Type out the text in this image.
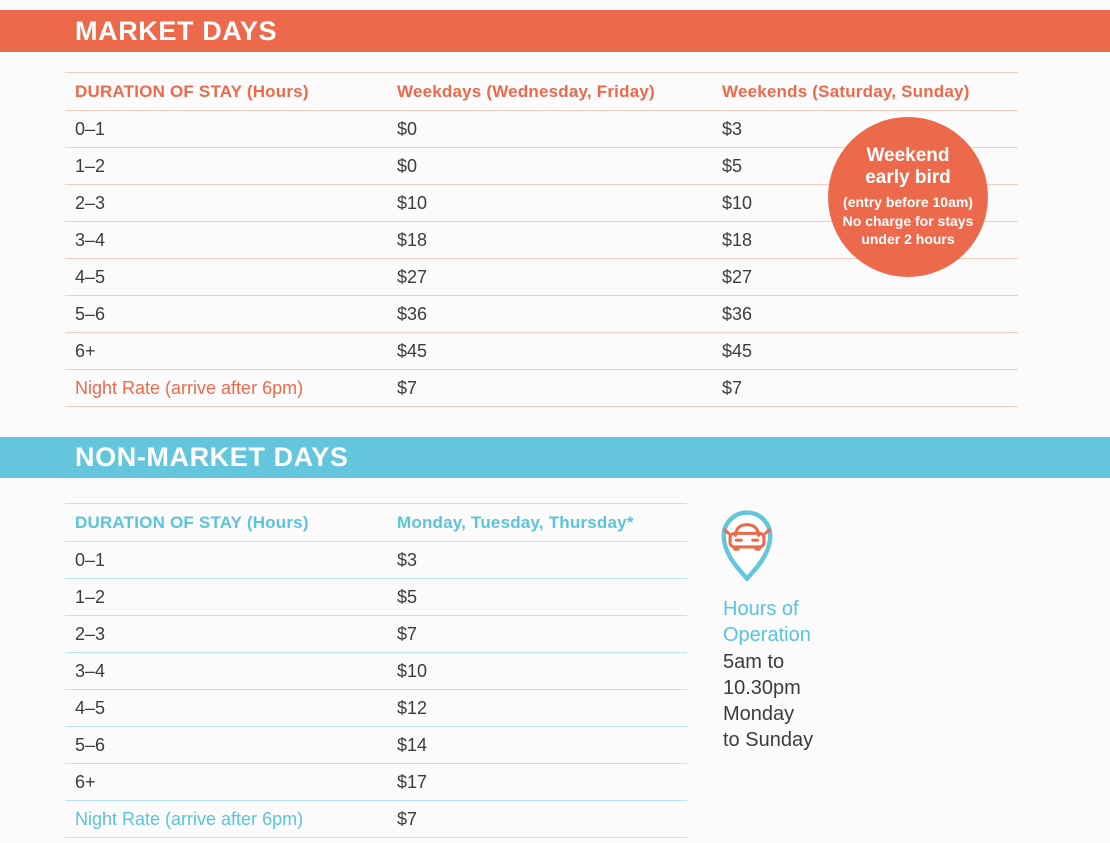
MARKET DAYS
DURATION OF STAY (Hours)	Weekdays (Wednesday, Friday)	Weekends (Saturday, Sunday)
0–1	$0	$3
1–2	$0	$5
2–3	$10	$10
3–4	$18	$18
4–5	$27	$27
5–6	$36	$36
6+	$45	$45
Night Rate (arrive after 6pm)	$7	$7
Weekend
early bird
(entry before 10am)
No charge for stays
under 2 hours
NON-MARKET DAYS
DURATION OF STAY (Hours)	Monday, Tuesday, Thursday*
0–1	$3
1–2	$5
2–3	$7
3–4	$10
4–5	$12
5–6	$14
6+	$17
Night Rate (arrive after 6pm)	$7
Hours of
Operation
5am to
10.30pm
Monday
to Sunday
